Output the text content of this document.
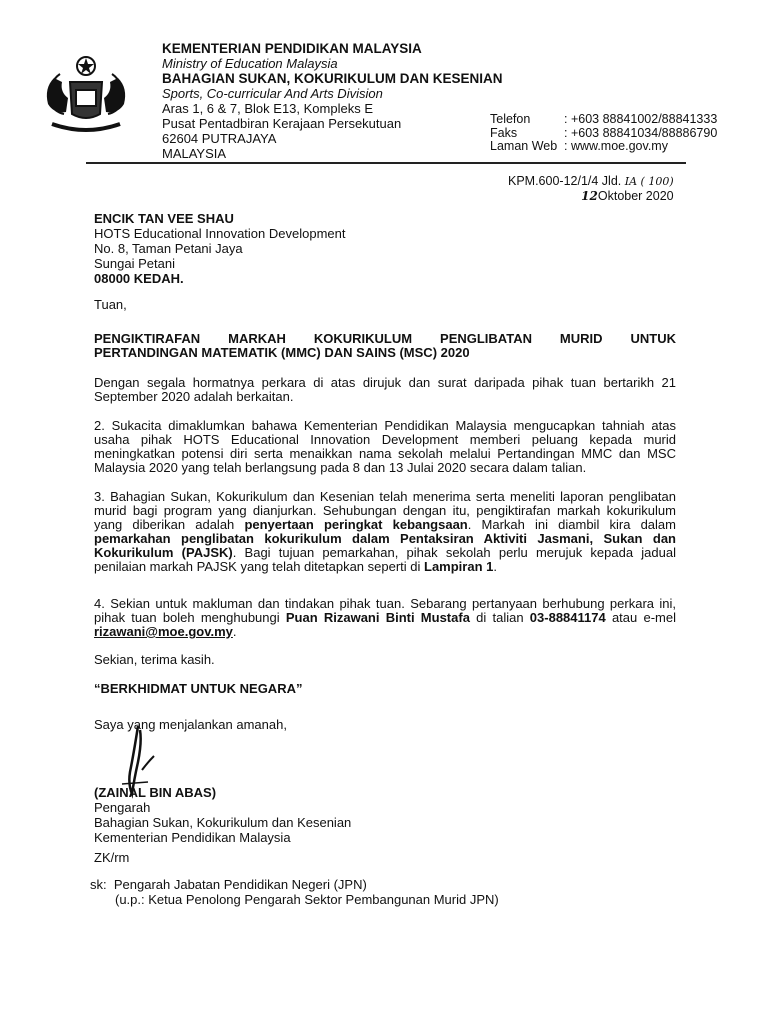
KEMENTERIAN PENDIDIKAN MALAYSIA
Ministry of Education Malaysia
BAHAGIAN SUKAN, KOKURIKULUM DAN KESENIAN
Sports, Co-curricular And Arts Division
Aras 1, 6 & 7, Blok E13, Kompleks E
Pusat Pentadbiran Kerajaan Persekutuan
62604 PUTRAJAYA
MALAYSIA
Telefon	: +603 88841002/88841333
Faks	: +603 88841034/88886790
Laman Web : www.moe.gov.my
KPM.600-12/1/4 Jld. IA ( 100)
12Oktober 2020
ENCIK TAN VEE SHAU
HOTS Educational Innovation Development
No. 8, Taman Petani Jaya
Sungai Petani
08000 KEDAH.
Tuan,
PENGIKTIRAFAN MARKAH KOKURIKULUM PENGLIBATAN MURID UNTUK
PERTANDINGAN MATEMATIK (MMC) DAN SAINS (MSC) 2020
Dengan segala hormatnya perkara di atas dirujuk dan surat daripada pihak tuan bertarikh 21 September 2020 adalah berkaitan.
2. Sukacita dimaklumkan bahawa Kementerian Pendidikan Malaysia mengucapkan tahniah atas usaha pihak HOTS Educational Innovation Development memberi peluang kepada murid meningkatkan potensi diri serta menaikkan nama sekolah melalui Pertandingan MMC dan MSC Malaysia 2020 yang telah berlangsung pada 8 dan 13 Julai 2020 secara dalam talian.
3. Bahagian Sukan, Kokurikulum dan Kesenian telah menerima serta meneliti laporan penglibatan murid bagi program yang dianjurkan. Sehubungan dengan itu, pengiktirafan markah kokurikulum yang diberikan adalah penyertaan peringkat kebangsaan. Markah ini diambil kira dalam pemarkahan penglibatan kokurikulum dalam Pentaksiran Aktiviti Jasmani, Sukan dan Kokurikulum (PAJSK). Bagi tujuan pemarkahan, pihak sekolah perlu merujuk kepada jadual penilaian markah PAJSK yang telah ditetapkan seperti di Lampiran 1.
4. Sekian untuk makluman dan tindakan pihak tuan. Sebarang pertanyaan berhubung perkara ini, pihak tuan boleh menghubungi Puan Rizawani Binti Mustafa di talian 03-88841174 atau e-mel rizawani@moe.gov.my.
Sekian, terima kasih.
“BERKHIDMAT UNTUK NEGARA”
Saya yang menjalankan amanah,
(ZAINAL BIN ABAS)
Pengarah
Bahagian Sukan, Kokurikulum dan Kesenian
Kementerian Pendidikan Malaysia
ZK/rm
sk: Pengarah Jabatan Pendidikan Negeri (JPN)
(u.p.: Ketua Penolong Pengarah Sektor Pembangunan Murid JPN)
